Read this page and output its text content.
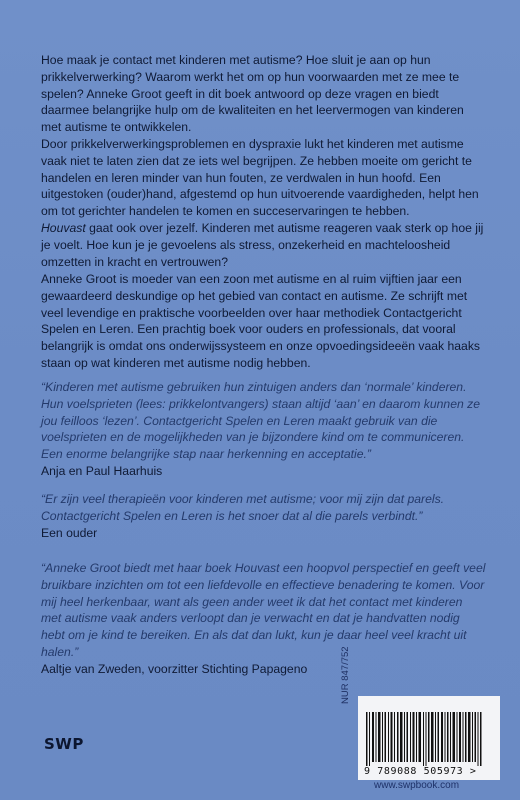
Hoe maak je contact met kinderen met autisme? Hoe sluit je aan op hun prikkelverwerking? Waarom werkt het om op hun voorwaarden met ze mee te spelen? Anneke Groot geeft in dit boek antwoord op deze vragen en biedt daarmee belangrijke hulp om de kwaliteiten en het leervermogen van kinderen met autisme te ontwikkelen.

Door prikkelverwerkingsproblemen en dyspraxie lukt het kinderen met autisme vaak niet te laten zien dat ze iets wel begrijpen. Ze hebben moeite om gericht te handelen en leren minder van hun fouten, ze verdwalen in hun hoofd. Een uitgestoken (ouder)hand, afgestemd op hun uitvoerende vaardigheden, helpt hen om tot gerichter handelen te komen en succeservaringen te hebben.

Houvast gaat ook over jezelf. Kinderen met autisme reageren vaak sterk op hoe jij je voelt. Hoe kun je je gevoelens als stress, onzekerheid en machteloosheid omzetten in kracht en vertrouwen?

Anneke Groot is moeder van een zoon met autisme en al ruim vijftien jaar een gewaardeerd deskundige op het gebied van contact en autisme. Ze schrijft met veel levendige en praktische voorbeelden over haar methodiek Contactgericht Spelen en Leren. Een prachtig boek voor ouders en professionals, dat vooral belangrijk is omdat ons onderwijssysteem en onze opvoedingsideeën vaak haaks staan op wat kinderen met autisme nodig hebben.

“Kinderen met autisme gebruiken hun zintuigen anders dan ‘normale’ kinderen. Hun voelsprieten (lees: prikkelontvangers) staan altijd ‘aan’ en daarom kunnen ze jou feilloos ‘lezen’. Contactgericht Spelen en Leren maakt gebruik van die voelsprieten en de mogelijkheden van je bijzondere kind om te communiceren. Een enorme belangrijke stap naar herkenning en acceptatie.”

Anja en Paul Haarhuis

“Er zijn veel therapieën voor kinderen met autisme; voor mij zijn dat parels. Contactgericht Spelen en Leren is het snoer dat al die parels verbindt.”

Een ouder

“Anneke Groot biedt met haar boek Houvast een hoopvol perspectief en geeft veel bruikbare inzichten om tot een liefdevolle en effectieve benadering te komen. Voor mij heel herkenbaar, want als geen ander weet ik dat het contact met kinderen met autisme vaak anders verloopt dan je verwacht en dat je handvatten nodig hebt om je kind te bereiken. En als dat dan lukt, kun je daar heel veel kracht uit halen.”

Aaltje van Zweden, voorzitter Stichting Papageno	NUR 847/752
9 789088 505973 >
SWP
www.swpbook.com
